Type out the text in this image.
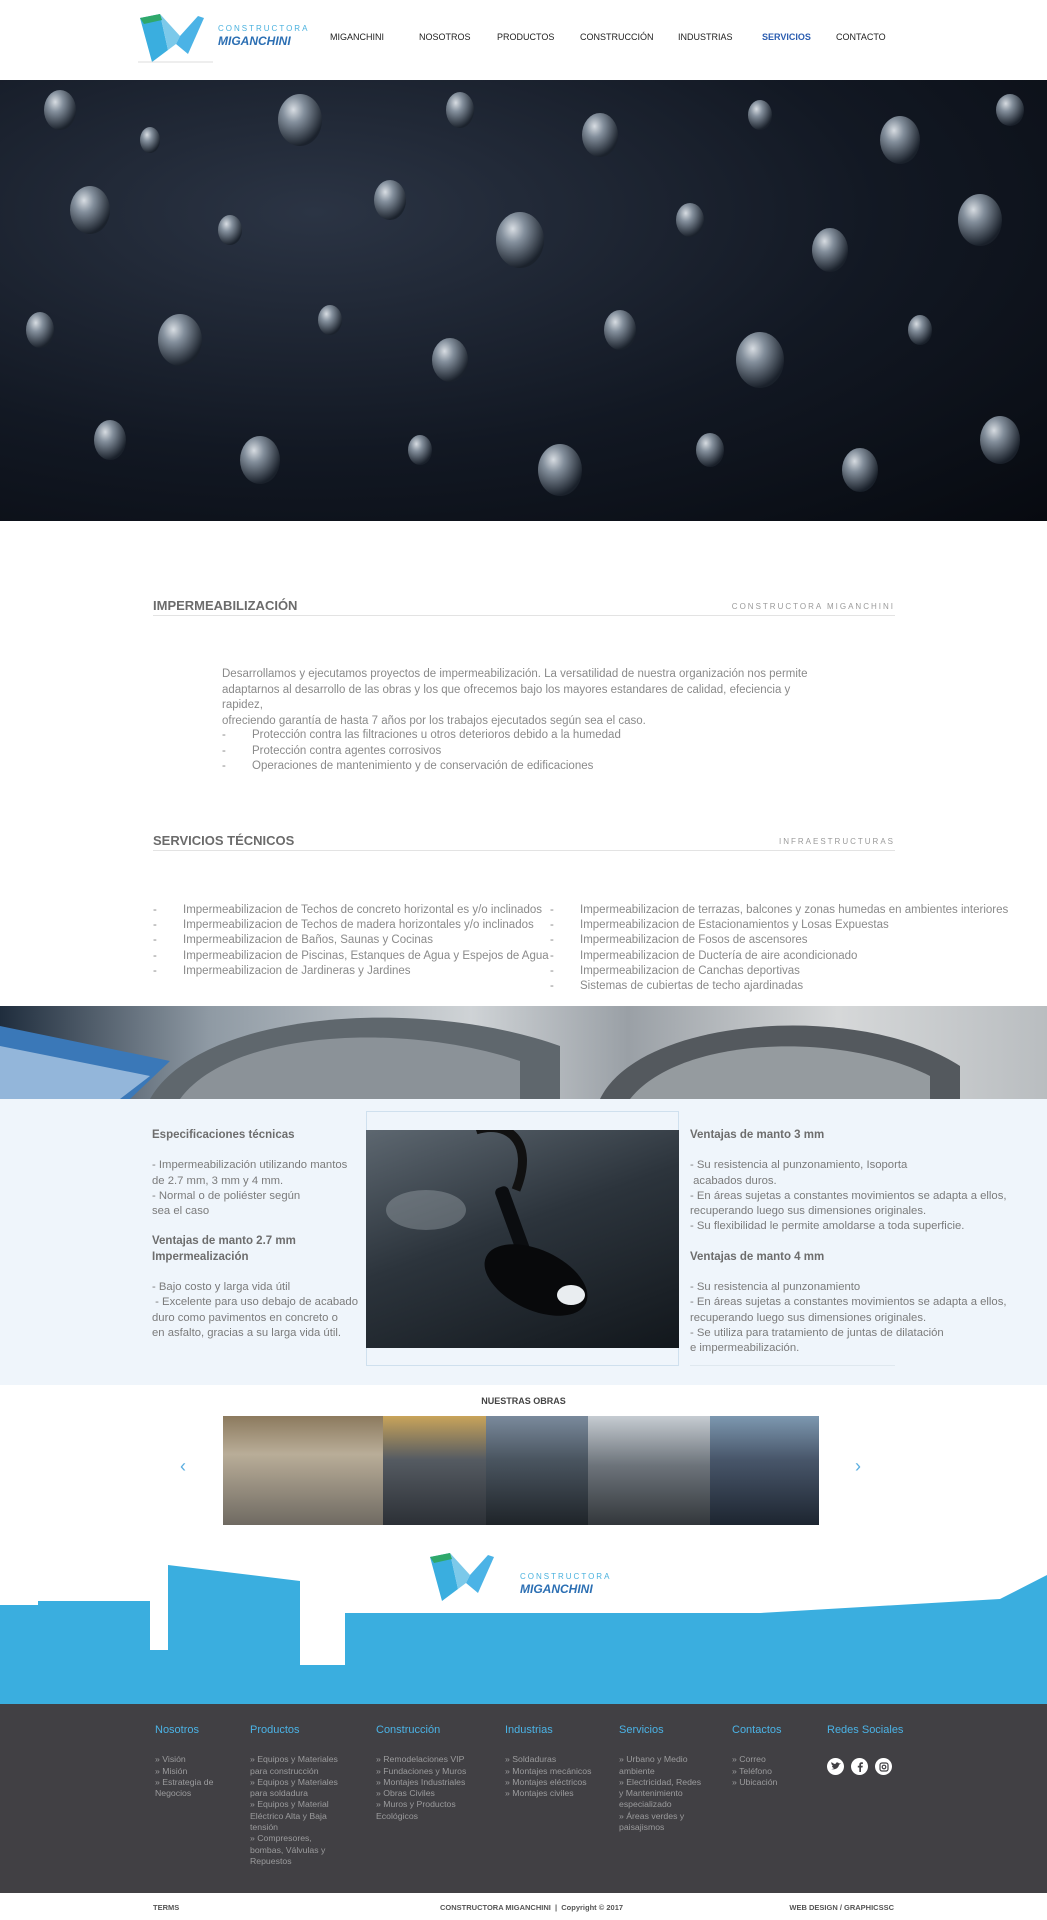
CONSTRUCTORA
MIGANCHINI	MIGANCHINI	NOSOTROS	PRODUCTOS	CONSTRUCCIÓN	INDUSTRIAS	SERVICIOS	CONTACTO
IMPERMEABILIZACIÓN	CONSTRUCTORA MIGANCHINI
Desarrollamos y ejecutamos proyectos de impermeabilización. La versatilidad de nuestra organización nos permite
adaptarnos al desarrollo de las obras y los que ofrecemos bajo los mayores estandares de calidad, efeciencia y rapidez,
ofreciendo garantía de hasta 7 años por los trabajos ejecutados según sea el caso.
-	Protección contra las filtraciones u otros deterioros debido a la humedad
-	Protección contra agentes corrosivos
-	Operaciones de mantenimiento y de conservación de edificaciones
SERVICIOS TÉCNICOS	INFRAESTRUCTURAS
-	Impermeabilizacion de Techos de concreto horizontal es y/o inclinados
-	Impermeabilizacion de Techos de madera horizontales y/o inclinados
-	Impermeabilizacion de Baños, Saunas y Cocinas
-	Impermeabilizacion de Piscinas, Estanques de Agua y Espejos de Agua
-	Impermeabilizacion de Jardineras y Jardines
-	Impermeabilizacion de terrazas, balcones y zonas humedas en ambientes interiores
-	Impermeabilizacion de Estacionamientos y Losas Expuestas
-	Impermeabilizacion de Fosos de ascensores
-	Impermeabilizacion de Ductería de aire acondicionado
-	Impermeabilizacion de Canchas deportivas
-	Sistemas de cubiertas de techo ajardinadas
Especificaciones técnicas
- Impermeabilización utilizando mantos
de 2.7 mm, 3 mm y 4 mm.
- Normal o de poliéster según
sea el caso
Ventajas de manto 2.7 mm
Impermealización
- Bajo costo y larga vida útil
- Excelente para uso debajo de acabado
duro como pavimentos en concreto o
en asfalto, gracias a su larga vida útil.
Ventajas de manto 3 mm
- Su resistencia al punzonamiento, Isoporta
acabados duros.
- En áreas sujetas a constantes movimientos se adapta a ellos,
recuperando luego sus dimensiones originales.
- Su flexibilidad le permite amoldarse a toda superficie.
Ventajas de manto 4 mm
- Su resistencia al punzonamiento
- En áreas sujetas a constantes movimientos se adapta a ellos,
recuperando luego sus dimensiones originales.
- Se utiliza para tratamiento de juntas de dilatación
e impermeabilización.
NUESTRAS OBRAS
‹	›
CONSTRUCTORA
MIGANCHINI
Nosotros
» Visión
» Misión
» Estrategia de
Negocios
Productos
» Equipos y Materiales
para construcción
» Equipos y Materiales
para soldadura
» Equipos y Material
Eléctrico Alta y Baja
tensión
» Compresores,
bombas, Válvulas y
Repuestos
Construcción
» Remodelaciones VIP
» Fundaciones y Muros
» Montajes Industriales
» Obras Civiles
» Muros y Productos
Ecológicos
Industrias
» Soldaduras
» Montajes mecánicos
» Montajes eléctricos
» Montajes civiles
Servicios
» Urbano y Medio
ambiente
» Electricidad, Redes
y Mantenimiento
especializado
» Áreas verdes y
paisajismos
Contactos
» Correo
» Teléfono
» Ubicación
Redes Sociales
TERMS	CONSTRUCTORA MIGANCHINI  |  Copyright © 2017	WEB DESIGN / GRAPHICSSC
